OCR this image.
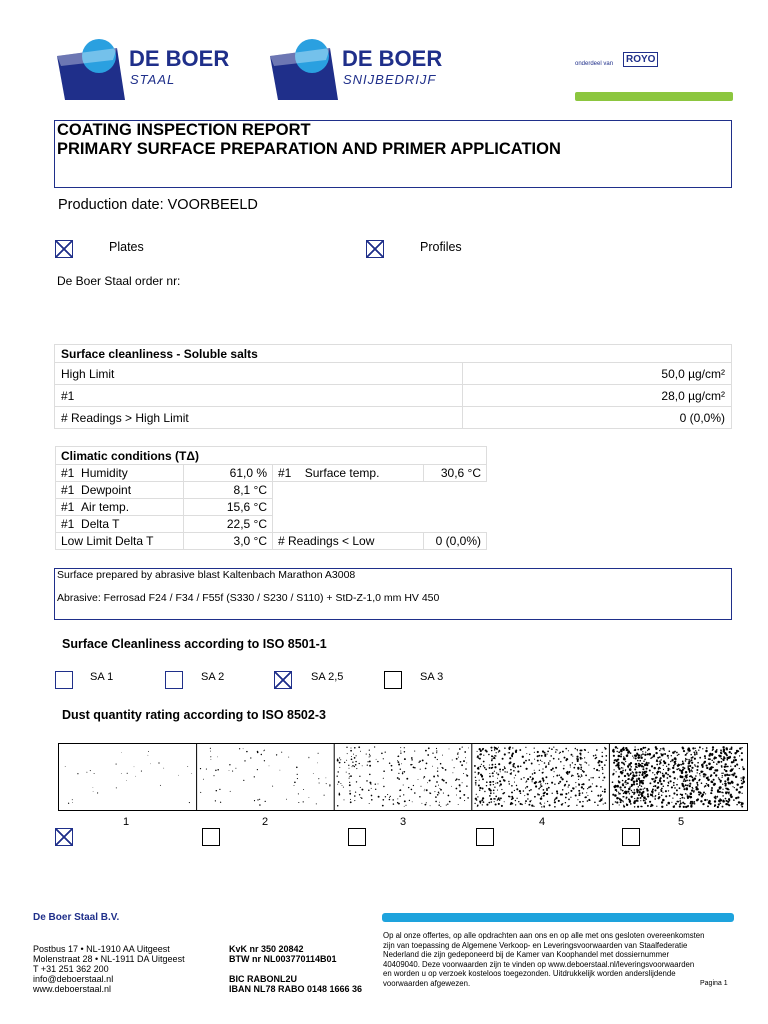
DE BOER
STAAL
DE BOER
SNIJBEDRIJF
onderdeel van	ROYO
COATING INSPECTION REPORT
PRIMARY SURFACE PREPARATION AND PRIMER APPLICATION
Production date: VOORBEELD
Plates	Profiles
De Boer Staal order nr:
Surface cleanliness - Soluble salts	
High Limit	50,0 µg/cm²
#1	28,0 µg/cm²
# Readings > High Limit	0 (0,0%)
Climatic conditions (TΔ)			
#1 Humidity	61,0 %	#1 Surface temp.	30,6 °C
#1 Dewpoint	8,1 °C		
#1 Air temp.	15,6 °C		
#1 Delta T	22,5 °C		
Low Limit Delta T	3,0 °C	# Readings < Low	0 (0,0%)
Surface prepared by abrasive blast Kaltenbach Marathon A3008
Abrasive: Ferrosad F24 / F34 / F55f (S330 / S230 / S110) + StD-Z-1,0 mm HV 450
Surface Cleanliness according to ISO 8501-1
SA 1	SA 2	SA 2,5	SA 3
Dust quantity rating according to ISO 8502-3
1	2	3	4	5
De Boer Staal B.V.
Postbus 17 • NL-1910 AA Uitgeest
Molenstraat 28 • NL-1911 DA Uitgeest
T +31 251 362 200
info@deboerstaal.nl
www.deboerstaal.nl
KvK nr 350 20842
BTW nr NL003770114B01
BIC RABONL2U
IBAN NL78 RABO 0148 1666 36
Op al onze offertes, op alle opdrachten aan ons en op alle met ons gesloten overeenkomsten
zijn van toepassing de Algemene Verkoop- en Leveringsvoorwaarden van Staalfederatie
Nederland die zijn gedeponeerd bij de Kamer van Koophandel met dossiernummer
40409040. Deze voorwaarden zijn te vinden op www.deboerstaal.nl/leveringsvoorwaarden
en worden u op verzoek kosteloos toegezonden. Uitdrukkelijk worden anderslijdende
voorwaarden afgewezen.	Pagina 1
